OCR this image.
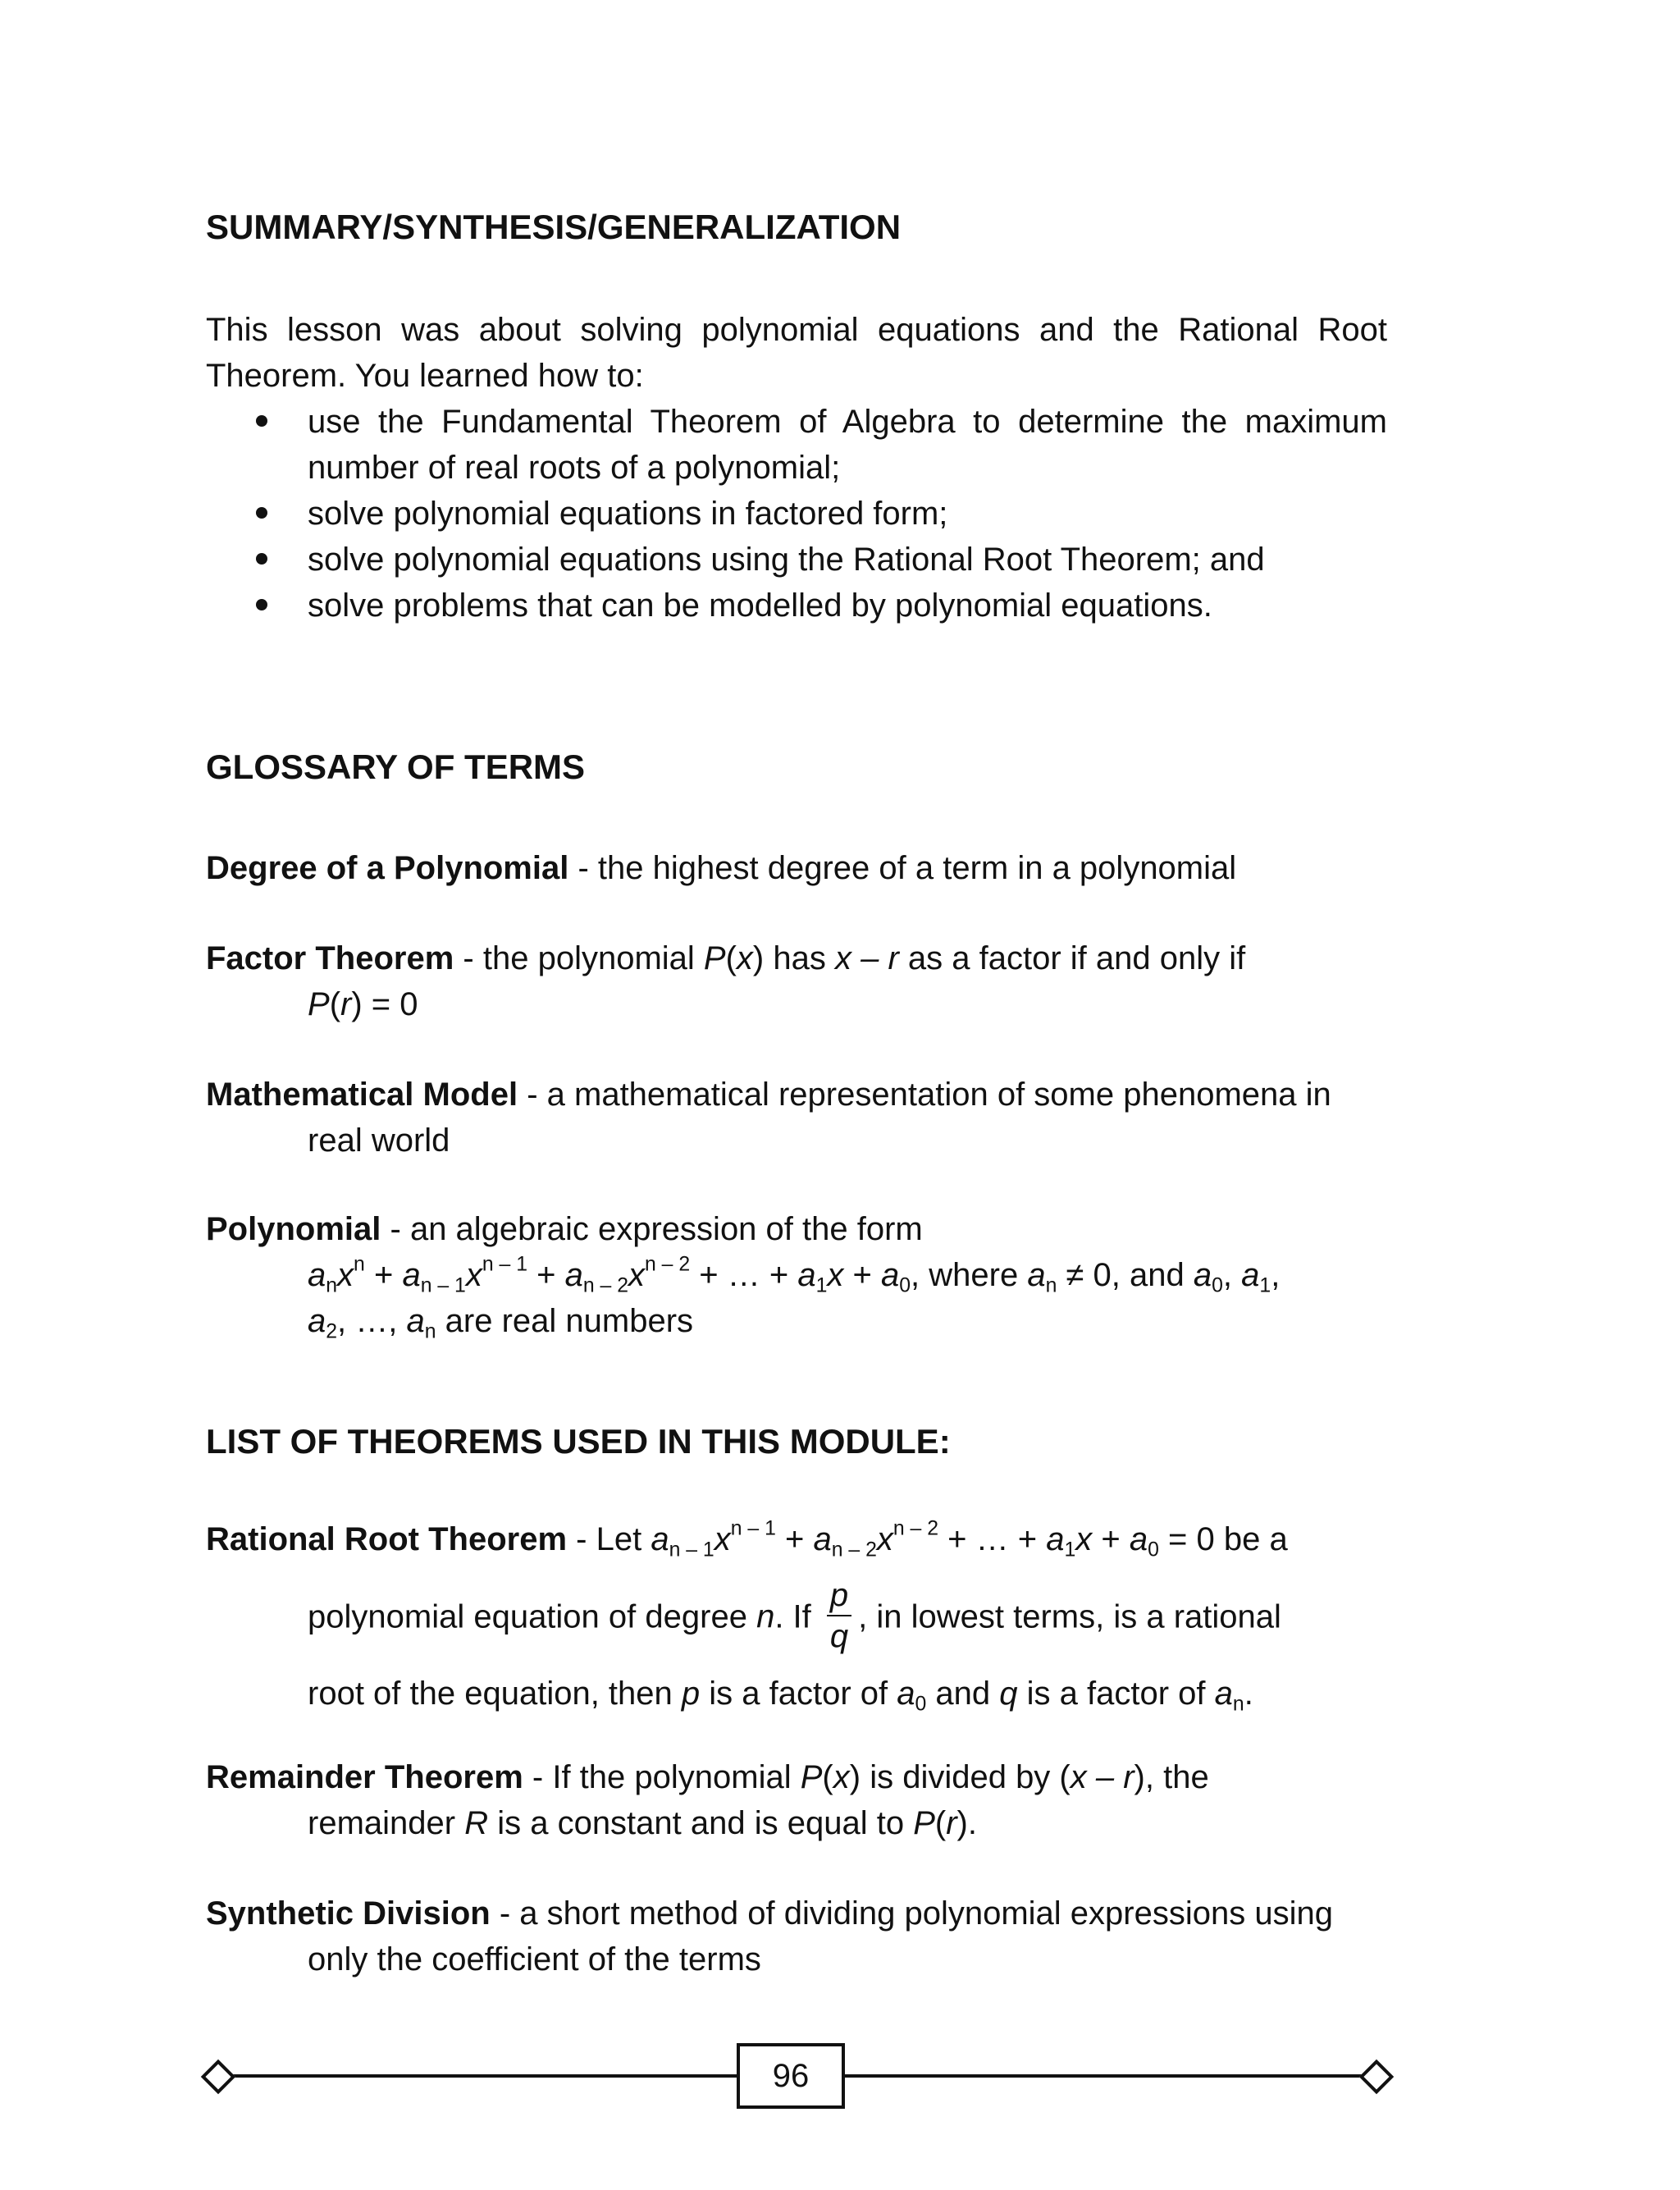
SUMMARY/SYNTHESIS/GENERALIZATION

This lesson was about solving polynomial equations and the Rational Root Theorem. You learned how to:

use the Fundamental Theorem of Algebra to determine the maximum number of real roots of a polynomial;
solve polynomial equations in factored form;
solve polynomial equations using the Rational Root Theorem; and
solve problems that can be modelled by polynomial equations.
GLOSSARY OF TERMS

Degree of a Polynomial - the highest degree of a term in a polynomial

Factor Theorem - the polynomial P(x) has x – r as a factor if and only if

P(r) = 0

Mathematical Model - a mathematical representation of some phenomena in real world

Polynomial - an algebraic expression of the form

$a_nx^n + a_{n - 1}x^{n - 1} + a_{n - 2}x^{n - 2}$ + … + $a_1x + a_0$, where $a_n \ne 0$, and $a_0$, $a_1$,

$a_2$, …, $a_n$ are real numbers

LIST OF THEOREMS USED IN THIS MODULE:

Rational Root Theorem - Let $a_{n - 1}x^{n - 1} + a_{n - 2}x^{n - 2}$ + … + $a_1x + a_0 = 0$ be a

polynomial equation of degree n. If $\frac{p}{q}$ , in lowest terms, is a rational

root of the equation, then p is a factor of $a_0$ and q is a factor of $a_n$.

Remainder Theorem - If the polynomial P(x) is divided by (x – r), the

remainder R is a constant and is equal to P(r).

Synthetic Division - a short method of dividing polynomial expressions using only the coefficient of the terms

96
